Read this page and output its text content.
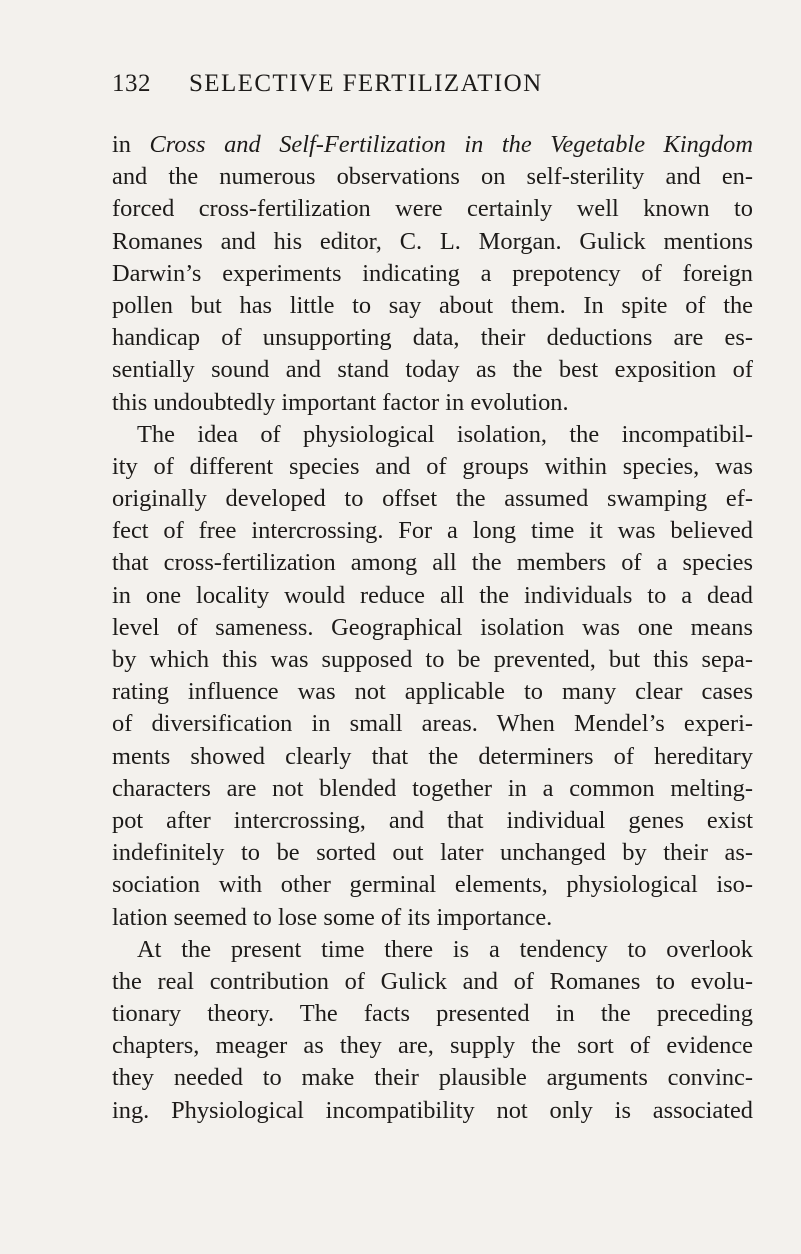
132 SELECTIVE FERTILIZATION
in Cross and Self-Fertilization in the Vegetable Kingdom
and the numerous observations on self-sterility and en-
forced cross-fertilization were certainly well known to
Romanes and his editor, C. L. Morgan. Gulick mentions
Darwin’s experiments indicating a prepotency of foreign
pollen but has little to say about them. In spite of the
handicap of unsupporting data, their deductions are es-
sentially sound and stand today as the best exposition of
this undoubtedly important factor in evolution.
The idea of physiological isolation, the incompatibil-
ity of different species and of groups within species, was
originally developed to offset the assumed swamping ef-
fect of free intercrossing. For a long time it was believed
that cross-fertilization among all the members of a species
in one locality would reduce all the individuals to a dead
level of sameness. Geographical isolation was one means
by which this was supposed to be prevented, but this sepa-
rating influence was not applicable to many clear cases
of diversification in small areas. When Mendel’s experi-
ments showed clearly that the determiners of hereditary
characters are not blended together in a common melting-
pot after intercrossing, and that individual genes exist
indefinitely to be sorted out later unchanged by their as-
sociation with other germinal elements, physiological iso-
lation seemed to lose some of its importance.
At the present time there is a tendency to overlook
the real contribution of Gulick and of Romanes to evolu-
tionary theory. The facts presented in the preceding
chapters, meager as they are, supply the sort of evidence
they needed to make their plausible arguments convinc-
ing. Physiological incompatibility not only is associated
